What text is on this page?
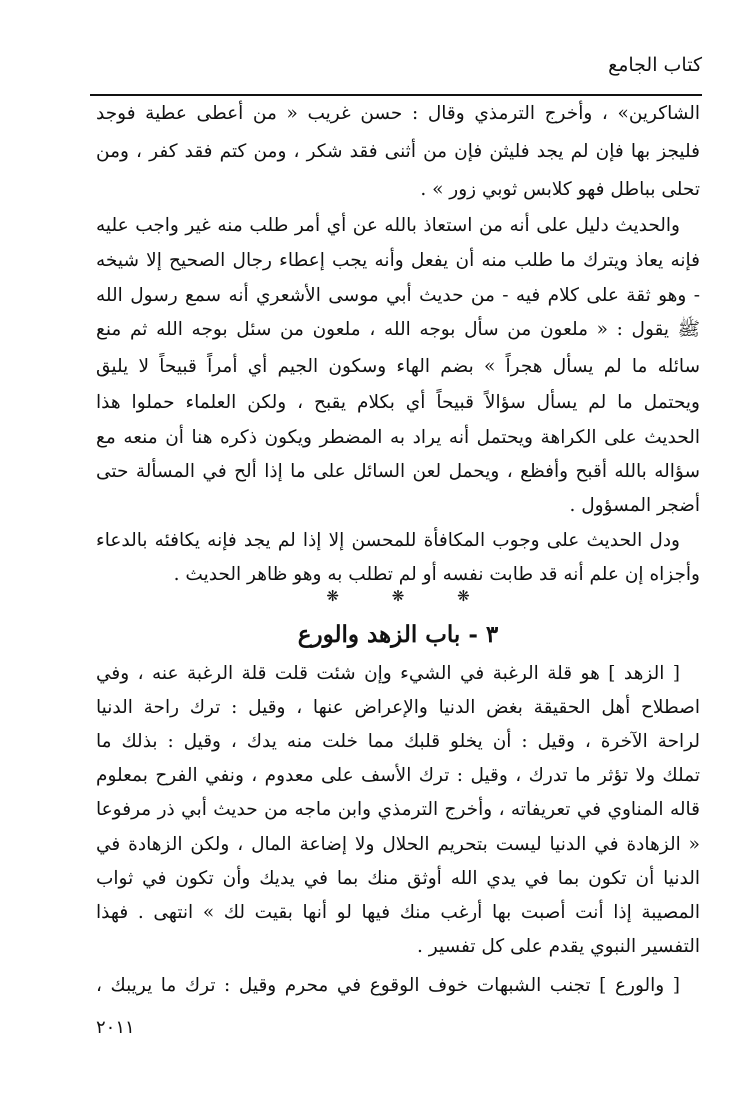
كتاب الجامع
الشاكرين» ، وأخرج الترمذي وقال : حسن غريب « من أعطى عطية فوجد
فليجز بها فإن لم يجد فليثن فإن من أثنى فقد شكر ، ومن كتم فقد كفر ، ومن
تحلى بباطل فهو كلابس ثوبي زور » .
والحديث دليل على أنه من استعاذ بالله عن أي أمر طلب منه غير واجب عليه
فإنه يعاذ ويترك ما طلب منه أن يفعل وأنه يجب إعطاء رجال الصحيح إلا شيخه
- وهو ثقة على كلام فيه - من حديث أبي موسى الأشعري أنه سمع رسول الله
ﷺ يقول : « ملعون من سأل بوجه الله ، ملعون من سئل بوجه الله ثم منع
سائله ما لم يسأل هجراً » بضم الهاء وسكون الجيم أي أمراً قبيحاً لا يليق
ويحتمل ما لم يسأل سؤالاً قبيحاً أي بكلام يقبح ، ولكن العلماء حملوا هذا
الحديث على الكراهة ويحتمل أنه يراد به المضطر ويكون ذكره هنا أن منعه مع
سؤاله بالله أقبح وأفظع ، ويحمل لعن السائل على ما إذا ألح في المسألة حتى
أضجر المسؤول .
ودل الحديث على وجوب المكافأة للمحسن إلا إذا لم يجد فإنه يكافئه بالدعاء
وأجزاه إن علم أنه قد طابت نفسه أو لم تطلب به وهو ظاهر الحديث .
❋ ❋ ❋
٣ - باب الزهد والورع
[ الزهد ] هو قلة الرغبة في الشيء وإن شئت قلت قلة الرغبة عنه ، وفي
اصطلاح أهل الحقيقة بغض الدنيا والإعراض عنها ، وقيل : ترك راحة الدنيا
لراحة الآخرة ، وقيل : أن يخلو قلبك مما خلت منه يدك ، وقيل : بذلك ما
تملك ولا تؤثر ما تدرك ، وقيل : ترك الأسف على معدوم ، ونفي الفرح بمعلوم
قاله المناوي في تعريفاته ، وأخرج الترمذي وابن ماجه من حديث أبي ذر مرفوعا
« الزهادة في الدنيا ليست بتحريم الحلال ولا إضاعة المال ، ولكن الزهادة في
الدنيا أن تكون بما في يدي الله أوثق منك بما في يديك وأن تكون في ثواب
المصيبة إذا أنت أصبت بها أرغب منك فيها لو أنها بقيت لك » انتهى . فهذا
التفسير النبوي يقدم على كل تفسير .
[ والورع ] تجنب الشبهات خوف الوقوع في محرم وقيل : ترك ما يريبك ،
٢٠١١
